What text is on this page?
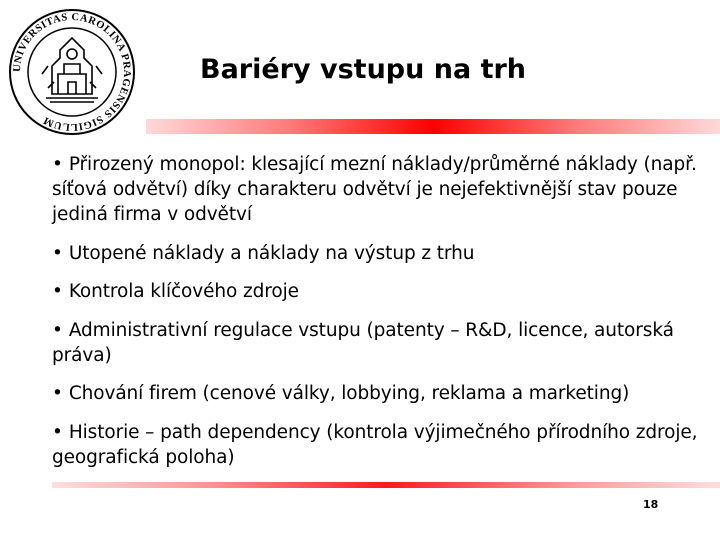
UNIVERSITAS CAROLINA PRAGENSIS SIGILLUM
Bariéry vstupu na trh
• Přirozený monopol: klesající mezní náklady/průměrné náklady (např. síťová odvětví) díky charakteru odvětví je nejefektivnější stav pouze jediná firma v odvětví
• Utopené náklady a náklady na výstup z trhu
• Kontrola klíčového zdroje
• Administrativní regulace vstupu (patenty – R&D, licence, autorská práva)
• Chování firem (cenové války, lobbying, reklama a marketing)
• Historie – path dependency (kontrola výjimečného přírodního zdroje, geografická poloha)
18
